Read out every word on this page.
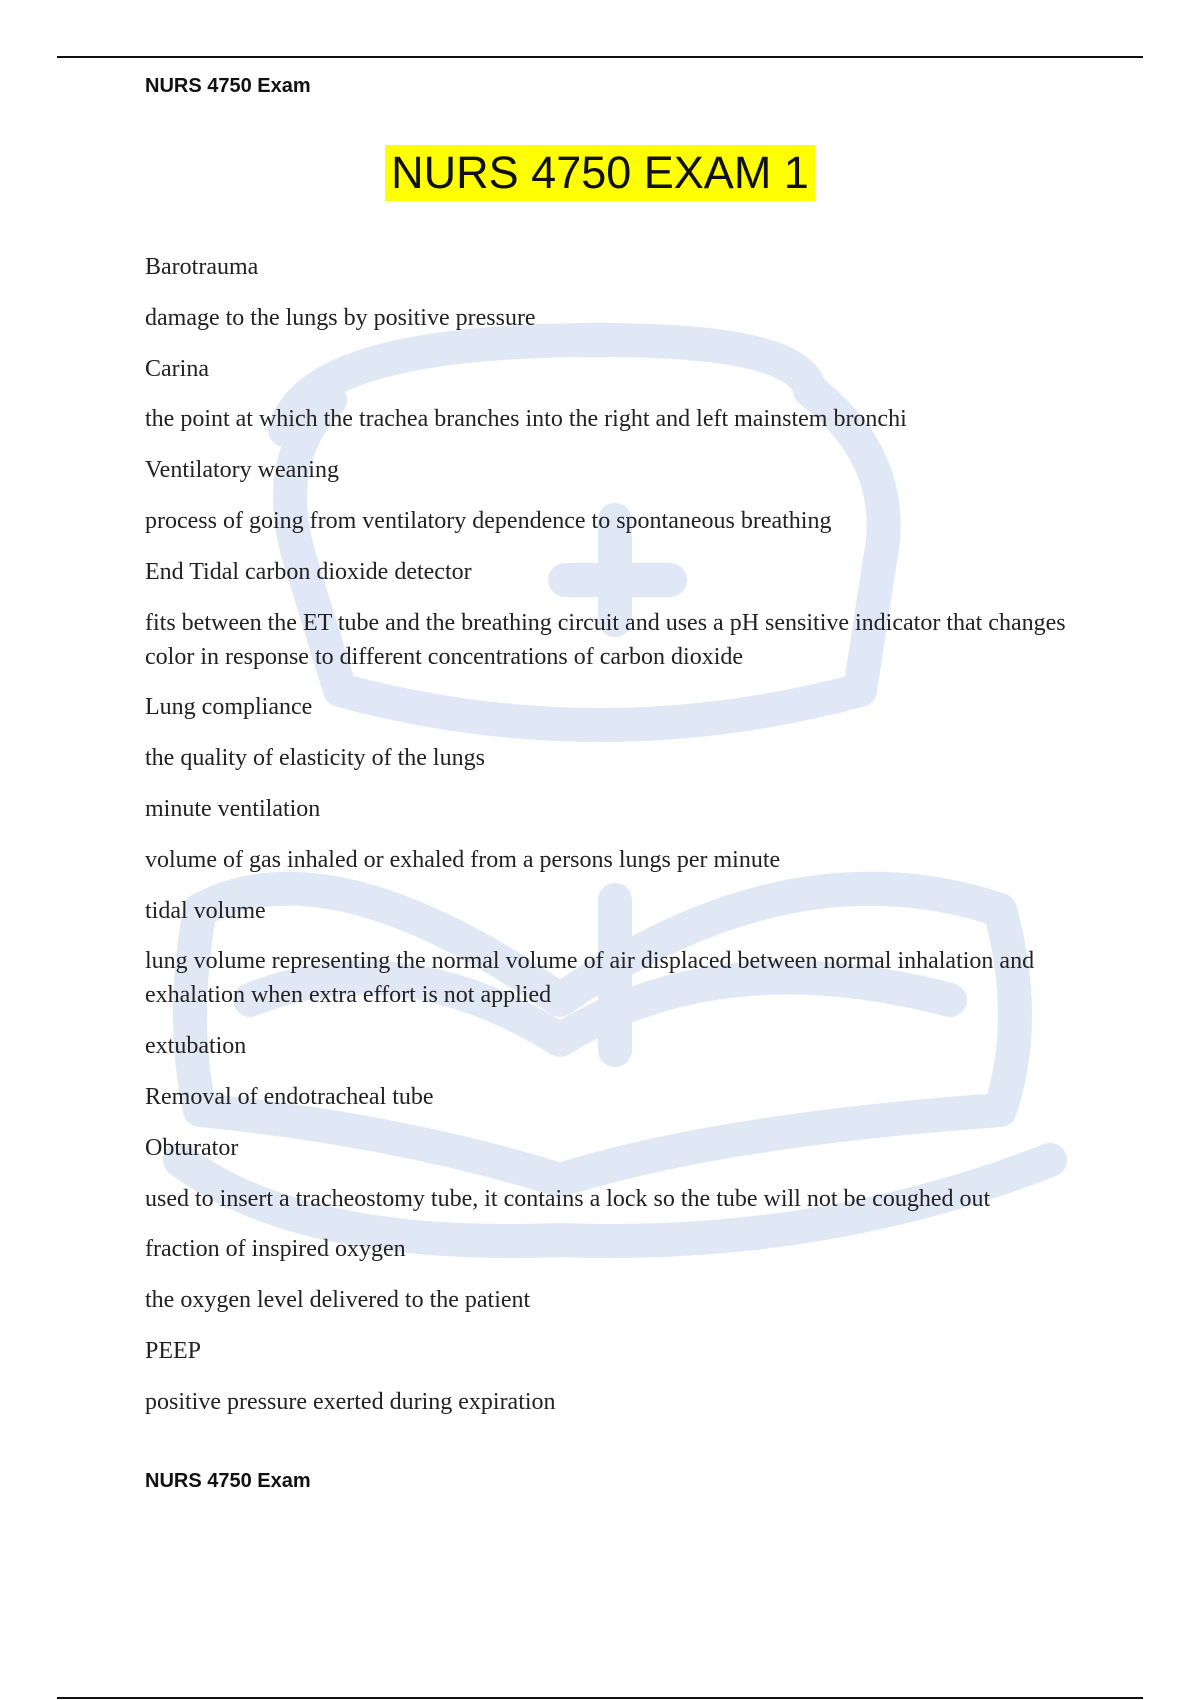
NURS 4750 Exam
NURS 4750 EXAM 1

Barotrauma

damage to the lungs by positive pressure

Carina

the point at which the trachea branches into the right and left mainstem bronchi

Ventilatory weaning

process of going from ventilatory dependence to spontaneous breathing

End Tidal carbon dioxide detector

fits between the ET tube and the breathing circuit and uses a pH sensitive indicator that changes color in response to different concentrations of carbon dioxide

Lung compliance

the quality of elasticity of the lungs

minute ventilation

volume of gas inhaled or exhaled from a persons lungs per minute

tidal volume

lung volume representing the normal volume of air displaced between normal inhalation and exhalation when extra effort is not applied

extubation

Removal of endotracheal tube

Obturator

used to insert a tracheostomy tube, it contains a lock so the tube will not be coughed out

fraction of inspired oxygen

the oxygen level delivered to the patient

PEEP

positive pressure exerted during expiration

NURS 4750 Exam
